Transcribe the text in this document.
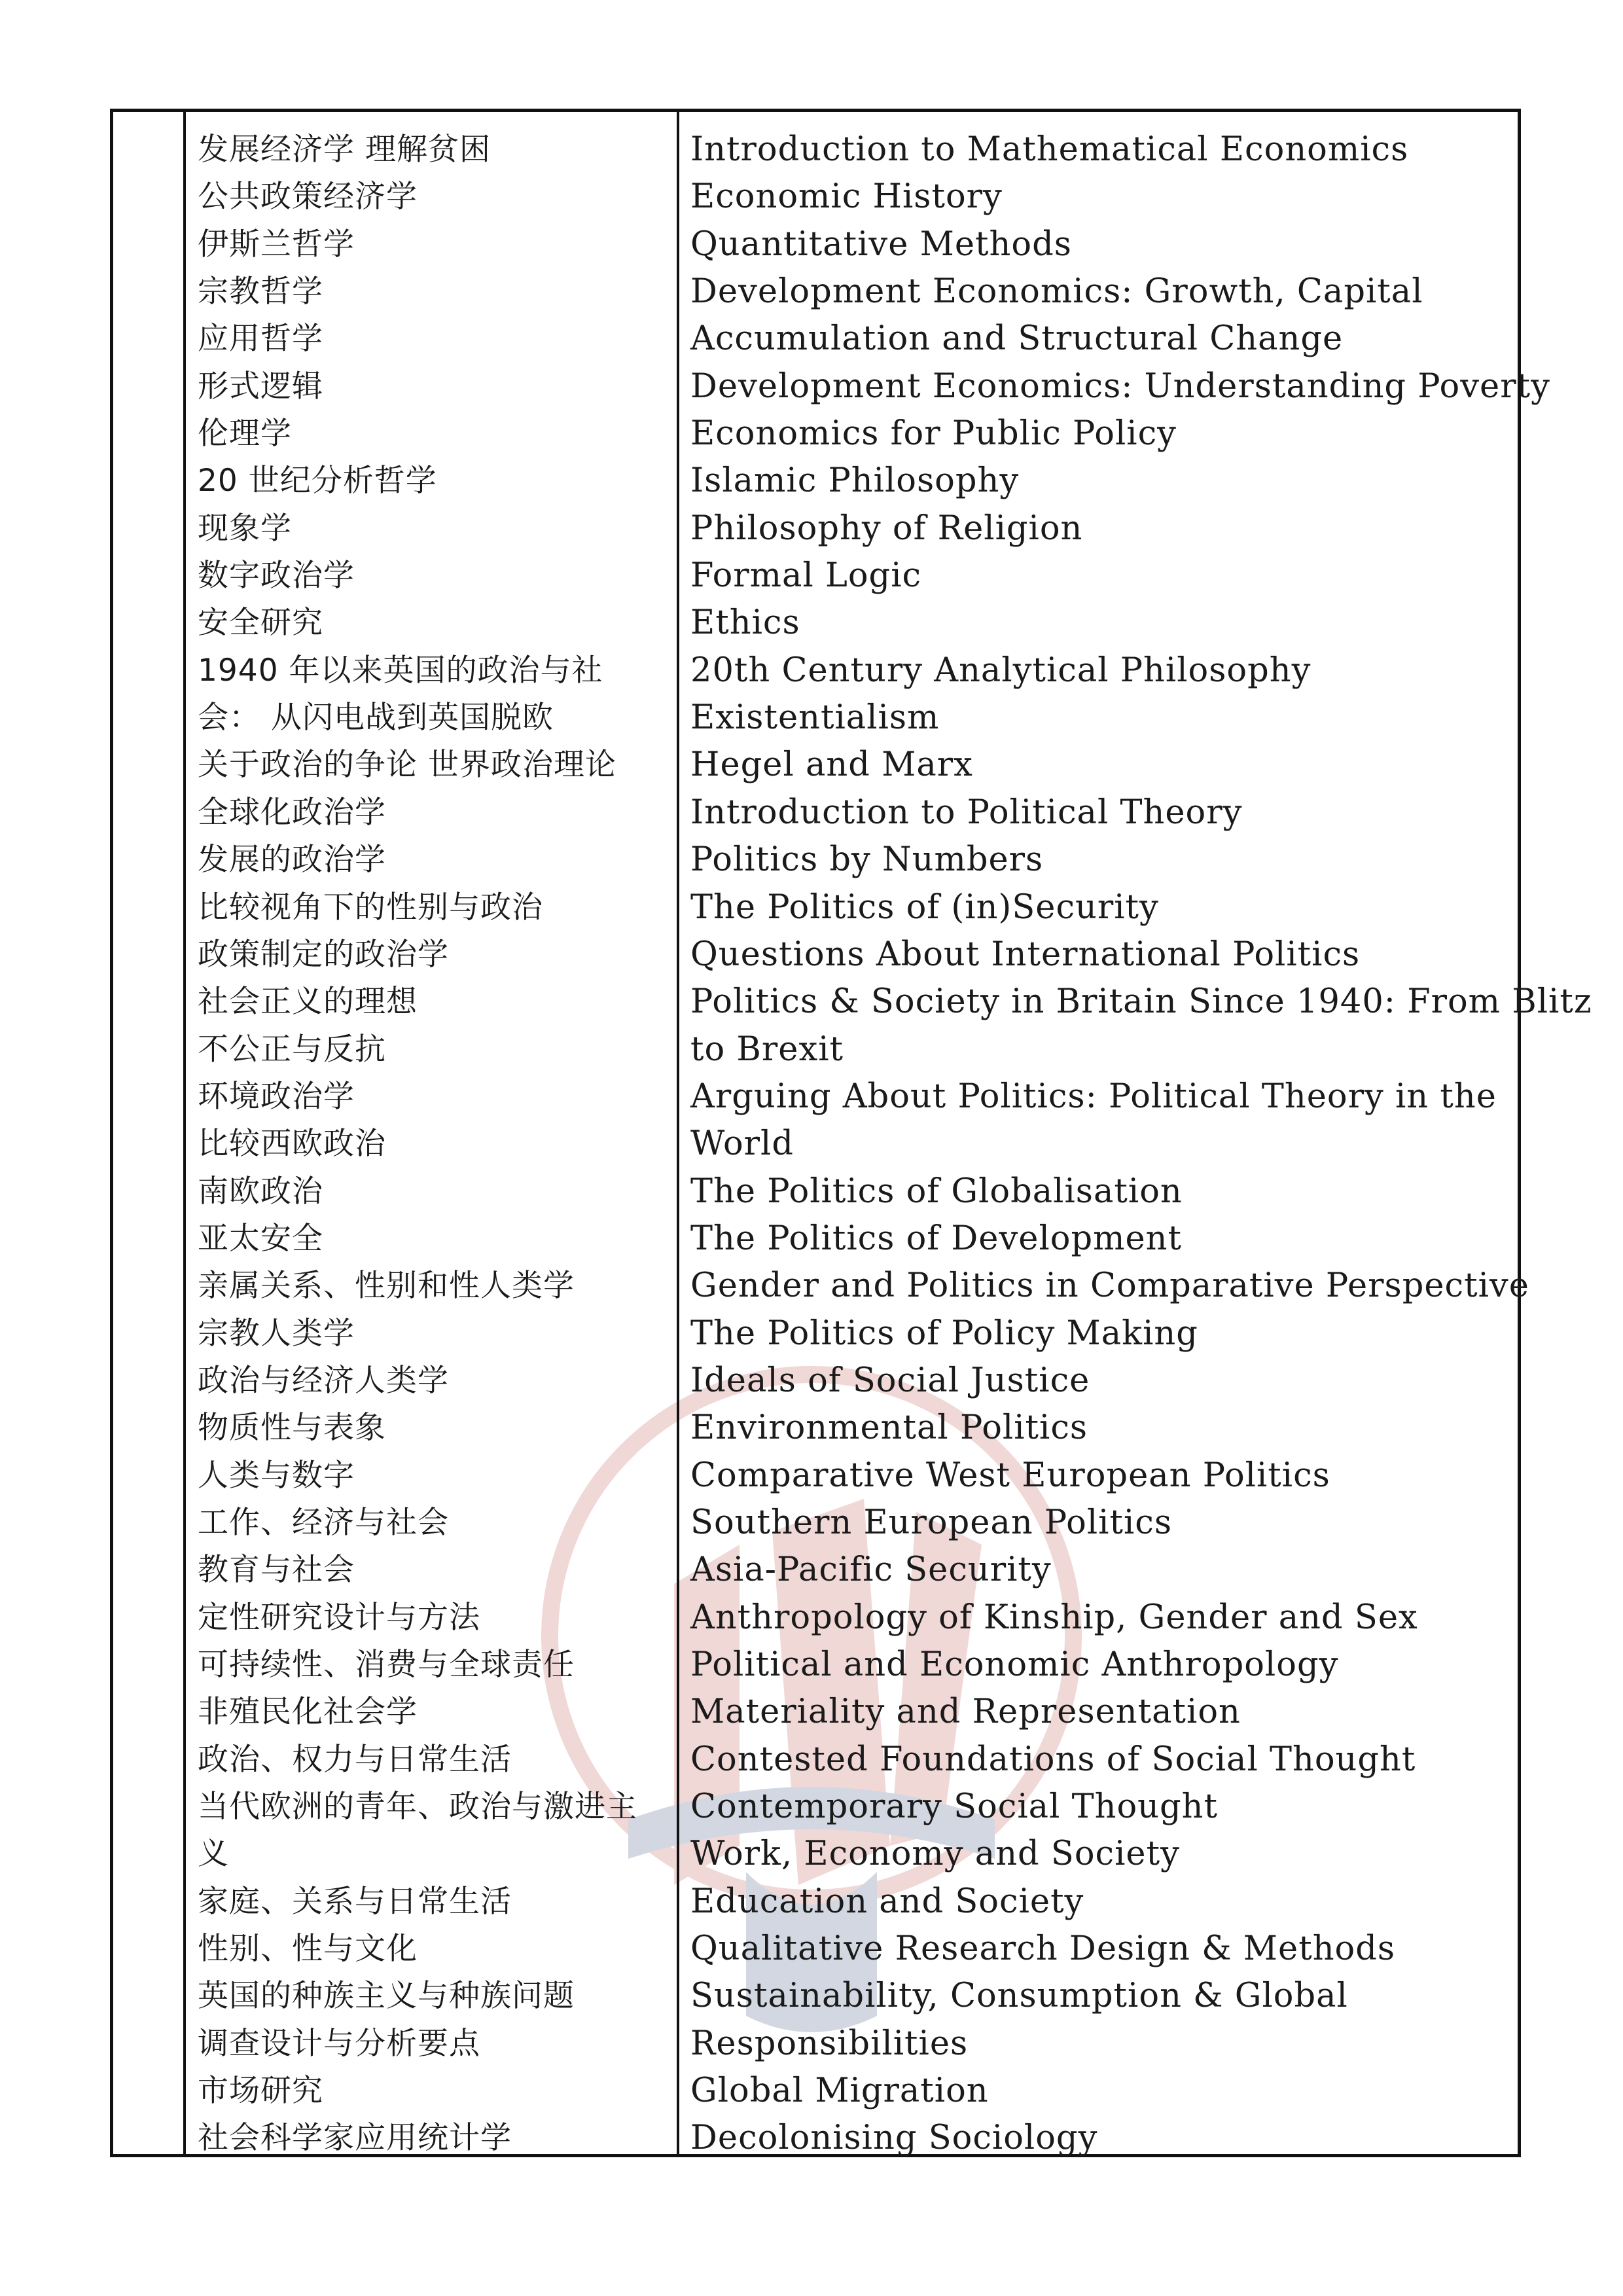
发展经济学 理解贫困
公共政策经济学
伊斯兰哲学
宗教哲学
应用哲学
形式逻辑
伦理学
20 世纪分析哲学
现象学
数字政治学
安全研究
1940 年以来英国的政治与社
会： 从闪电战到英国脱欧
关于政治的争论 世界政治理论
全球化政治学
发展的政治学
比较视角下的性别与政治
政策制定的政治学
社会正义的理想
不公正与反抗
环境政治学
比较西欧政治
南欧政治
亚太安全
亲属关系、性别和性人类学
宗教人类学
政治与经济人类学
物质性与表象
人类与数字
工作、经济与社会
教育与社会
定性研究设计与方法
可持续性、消费与全球责任
非殖民化社会学
政治、权力与日常生活
当代欧洲的青年、政治与激进主
义
家庭、关系与日常生活
性别、性与文化
英国的种族主义与种族问题
调查设计与分析要点
市场研究
社会科学家应用统计学
Introduction to Mathematical Economics
Economic History
Quantitative Methods
Development Economics: Growth, Capital
Accumulation and Structural Change
Development Economics: Understanding Poverty
Economics for Public Policy
Islamic Philosophy
Philosophy of Religion
Formal Logic
Ethics
20th Century Analytical Philosophy
Existentialism
Hegel and Marx
Introduction to Political Theory
Politics by Numbers
The Politics of (in)Security
Questions About International Politics
Politics & Society in Britain Since 1940: From Blitz
to Brexit
Arguing About Politics: Political Theory in the
World
The Politics of Globalisation
The Politics of Development
Gender and Politics in Comparative Perspective
The Politics of Policy Making
Ideals of Social Justice
Environmental Politics
Comparative West European Politics
Southern European Politics
Asia-Pacific Security
Anthropology of Kinship, Gender and Sex
Political and Economic Anthropology
Materiality and Representation
Contested Foundations of Social Thought
Contemporary Social Thought
Work, Economy and Society
Education and Society
Qualitative Research Design & Methods
Sustainability, Consumption & Global
Responsibilities
Global Migration
Decolonising Sociology
